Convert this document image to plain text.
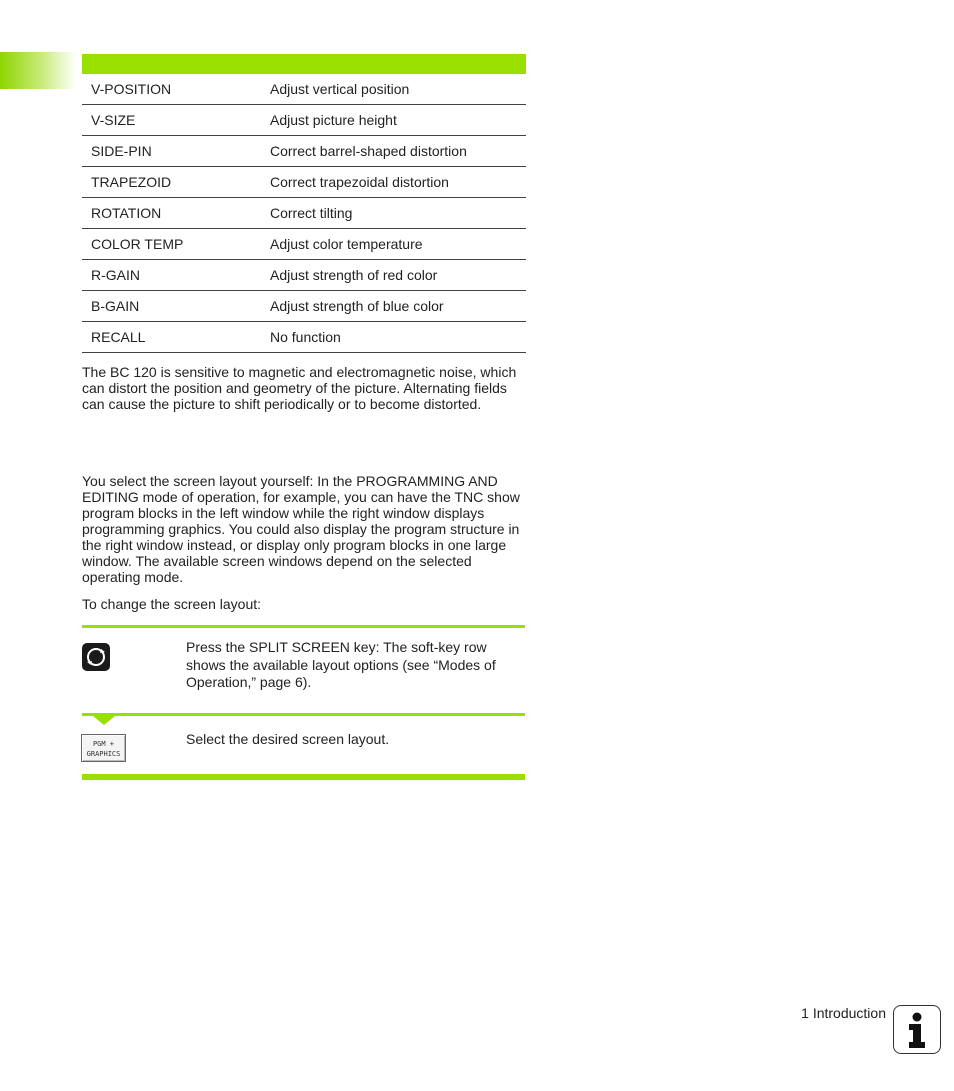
V-POSITION	Adjust vertical position
V-SIZE	Adjust picture height
SIDE-PIN	Correct barrel-shaped distortion
TRAPEZOID	Correct trapezoidal distortion
ROTATION	Correct tilting
COLOR TEMP	Adjust color temperature
R-GAIN	Adjust strength of red color
B-GAIN	Adjust strength of blue color
RECALL	No function

The BC 120 is sensitive to magnetic and electromagnetic noise, which can distort the position and geometry of the picture. Alternating fields can cause the picture to shift periodically or to become distorted.

You select the screen layout yourself: In the PROGRAMMING AND EDITING mode of operation, for example, you can have the TNC show program blocks in the left window while the right window displays programming graphics. You could also display the program structure in the right window instead, or display only program blocks in one large window. The available screen windows depend on the selected operating mode.

To change the screen layout:

Press the SPLIT SCREEN key: The soft-key row shows the available layout options (see “Modes of Operation,” page 6).

PGM +
GRAPHICS

Select the desired screen layout.

1 Introduction
